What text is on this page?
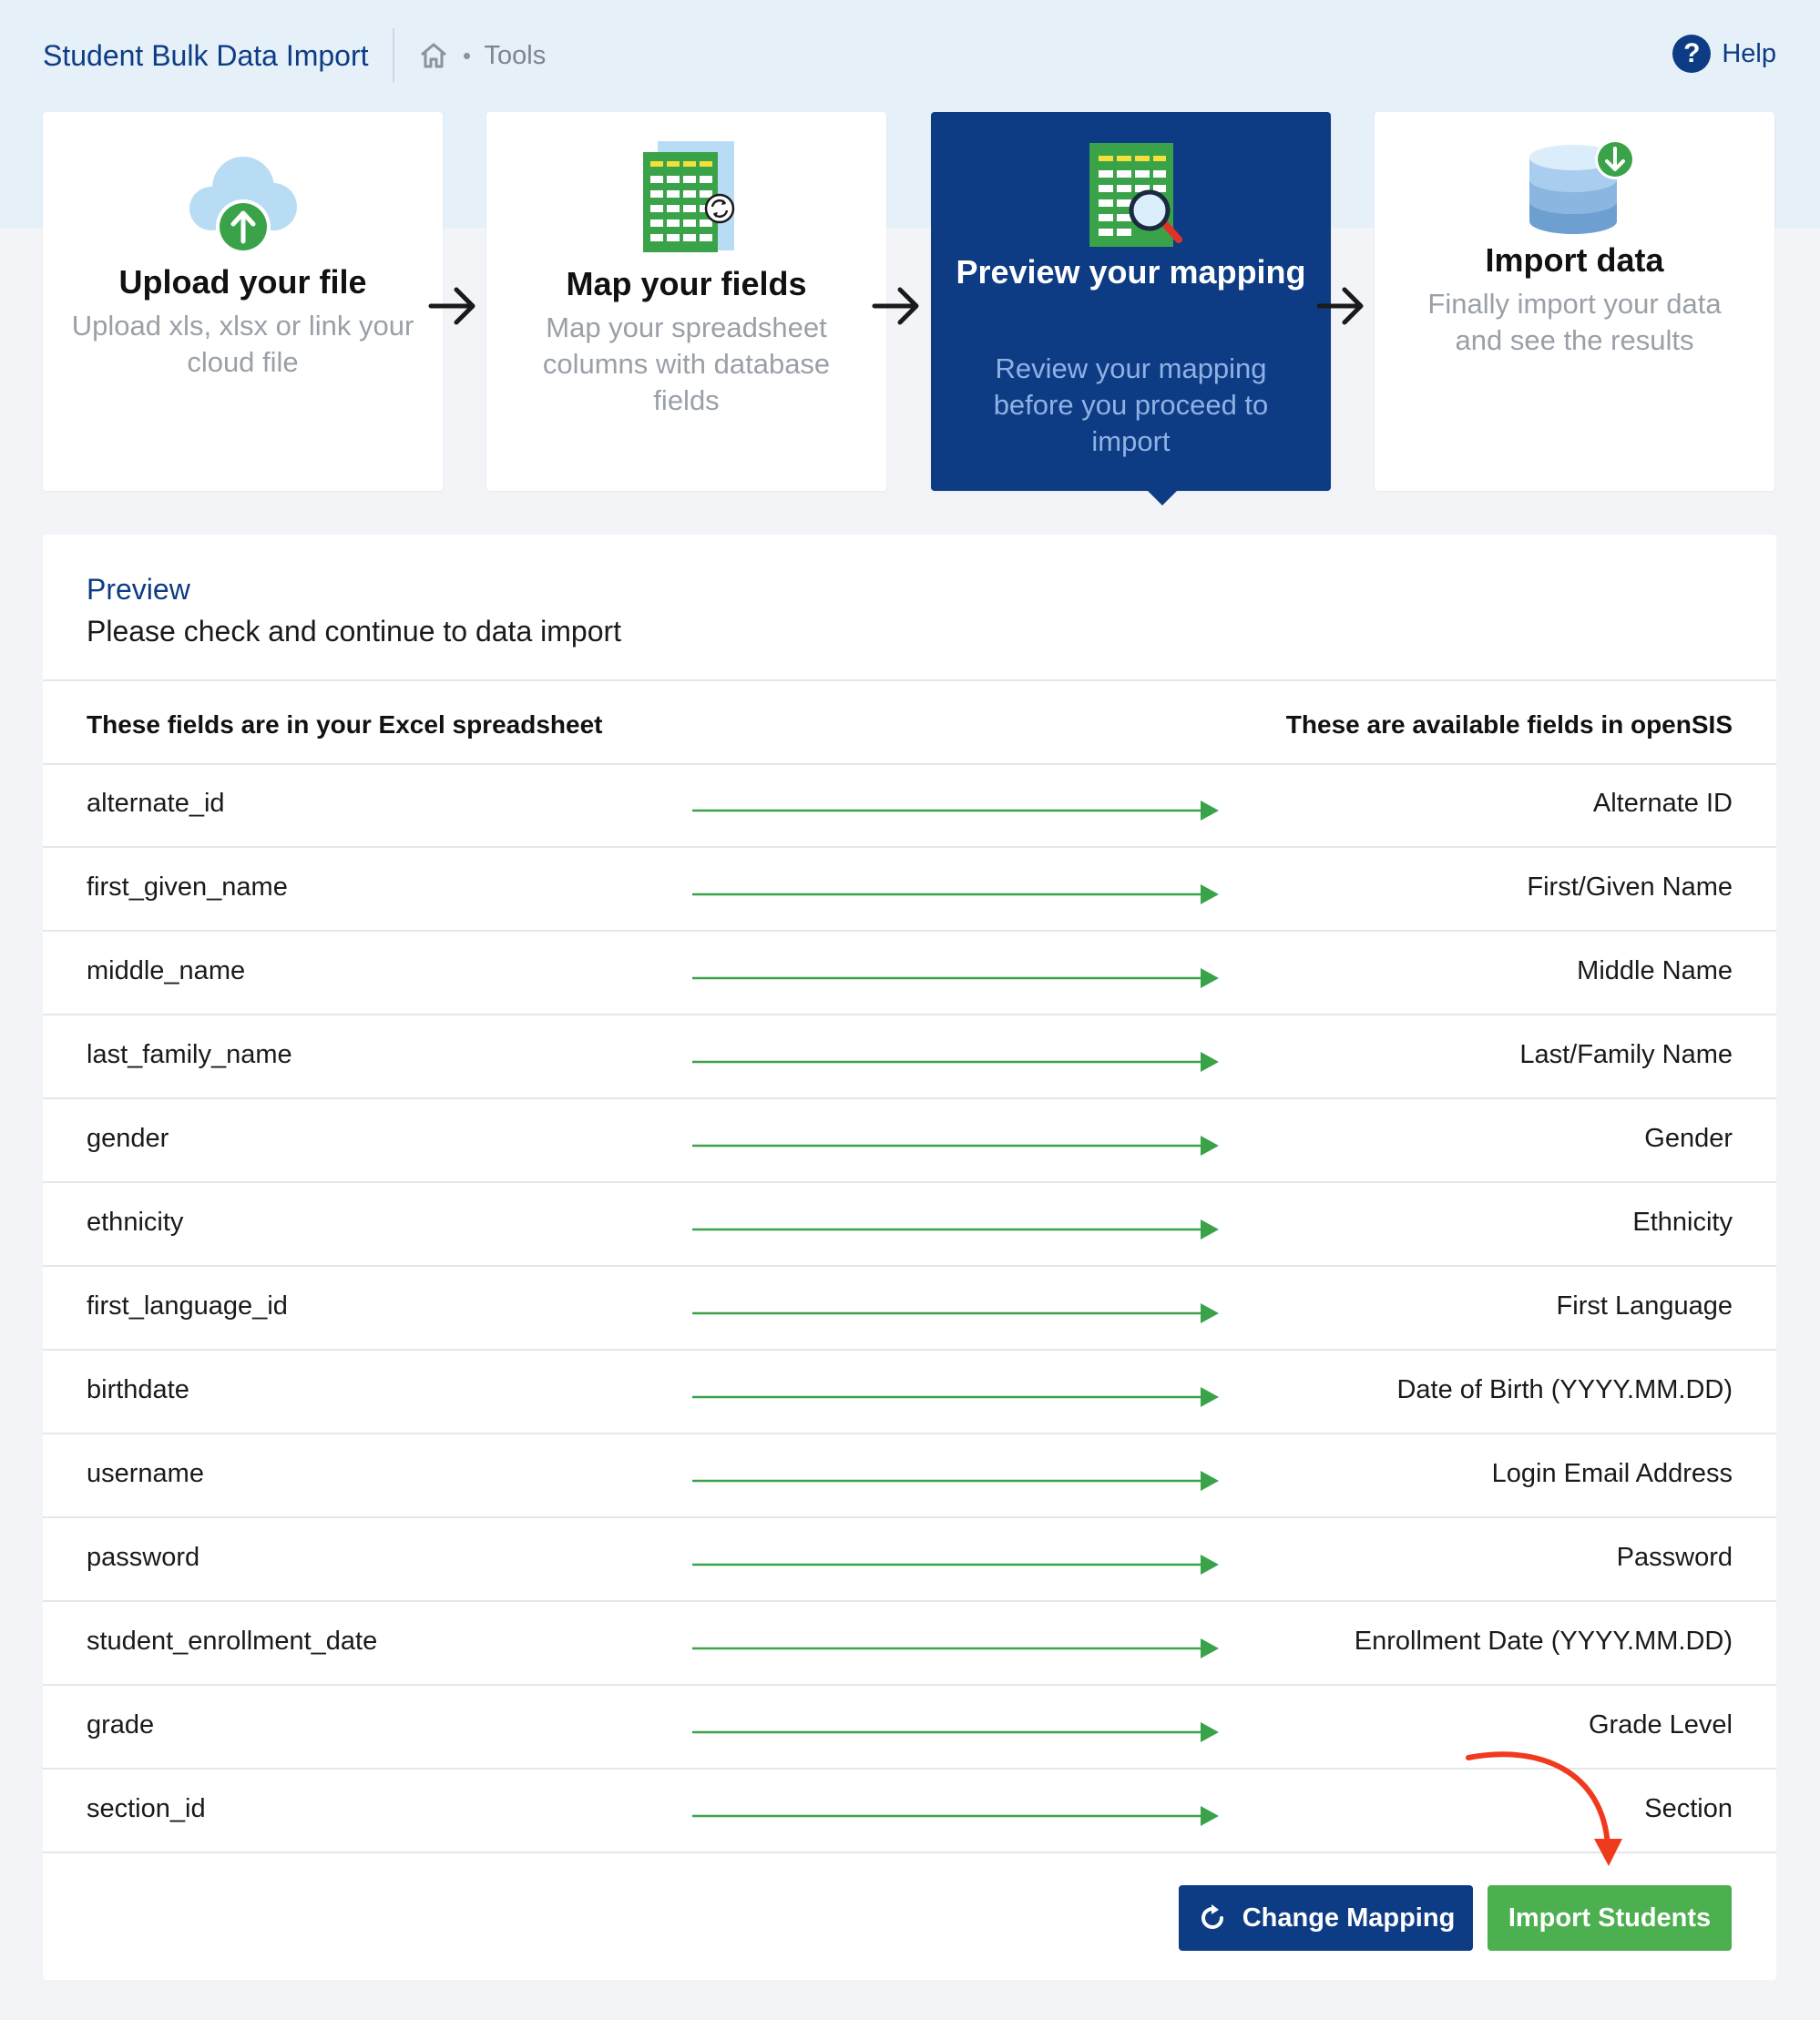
Student Bulk Data Import	Tools	? Help
Upload your file
Upload xls, xlsx or link your cloud file
Map your fields
Map your spreadsheet columns with database fields
Preview your mapping
Review your mapping before you proceed to import
Import data
Finally import your data and see the results
Preview
Please check and continue to data import
These fields are in your Excel spreadsheet	These are available fields in openSIS
alternate_id	Alternate ID
first_given_name	First/Given Name
middle_name	Middle Name
last_family_name	Last/Family Name
gender	Gender
ethnicity	Ethnicity
first_language_id	First Language
birthdate	Date of Birth (YYYY.MM.DD)
username	Login Email Address
password	Password
student_enrollment_date	Enrollment Date (YYYY.MM.DD)
grade	Grade Level
section_id	Section
Change Mapping Import Students
